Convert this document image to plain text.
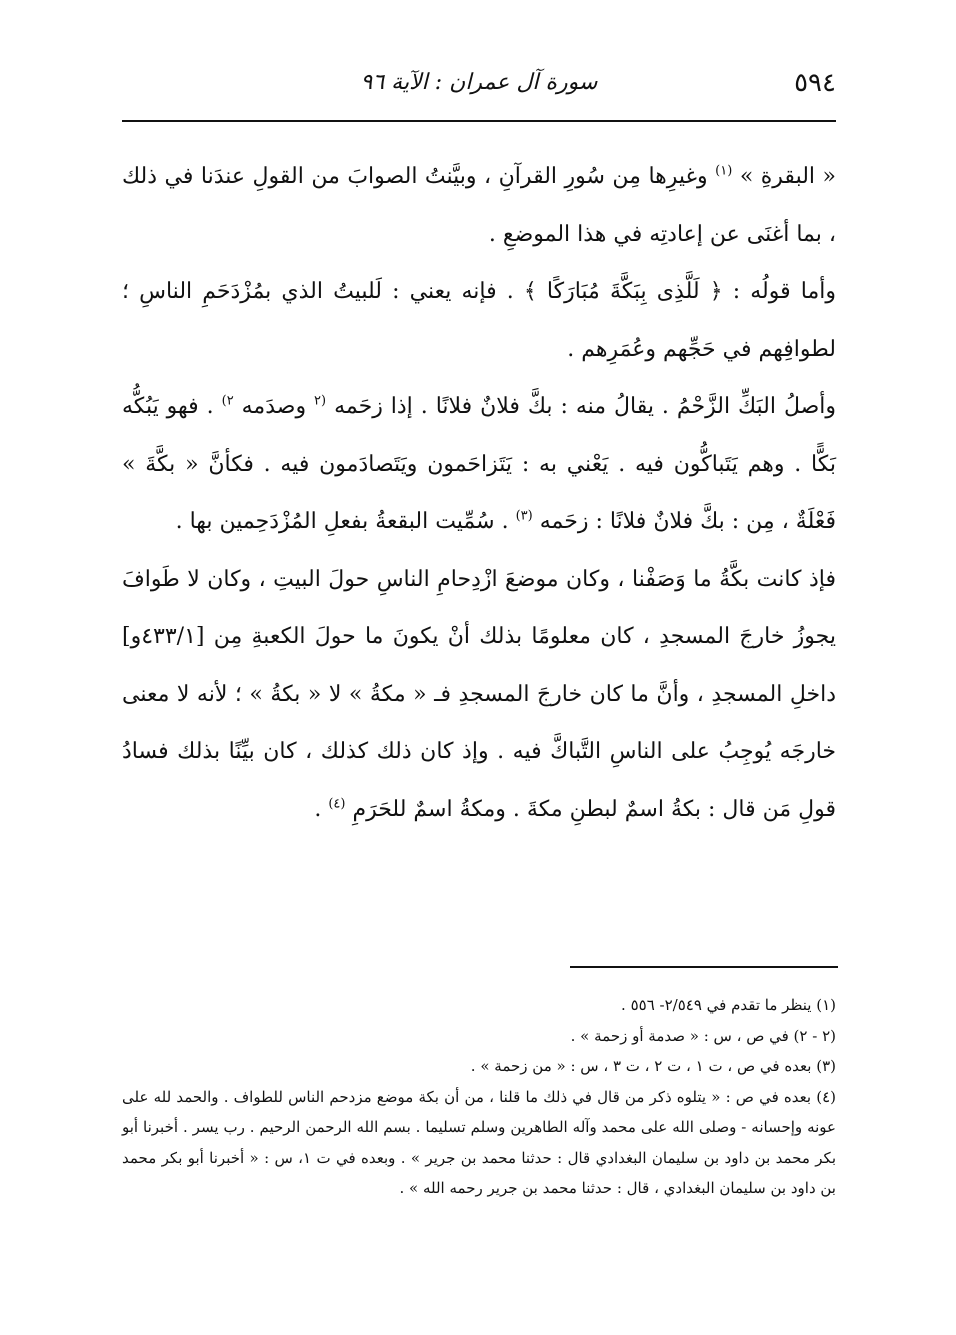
٥٩٤
سورة آل عمران : الآية ٩٦

« البقرةِ » $^{(١)}$ وغيرِها مِن سُورِ القرآنِ ، وبيَّنتُ الصوابَ من القولِ عندَنا في ذلك ، بما أغنَى عن إعادتِه في هذا الموضعِ .

وأما قولُه : ﴿ لَلَّذِى بِبَكَّةَ مُبَارَكًا ﴾ . فإنه يعني : لَلبيتُ الذي بمُزْدَحَمِ الناسِ ؛ لطوافِهم في حَجِّهم وعُمَرِهم .

وأصلُ البَكِّ الزَّحْمُ . يقالُ منه : بكَّ فلانٌ فلانًا . إذا زحَمه $^{(٢}$ وصدَمه $^{٢)}$ . فهو يَبُكُّه بَكًّا . وهم يَتَباكُّون فيه . يَعْني به : يَتَزاحَمون ويَتَصادَمون فيه . فكأنَّ « بكَّةَ » فَعْلَةٌ ، مِن : بكَّ فلانٌ فلانًا : زحَمه $^{(٣)}$ . سُمِّيت البقعةُ بفعلِ المُزْدَحِمين بها .

فإذ كانت بكَّةُ ما وَصَفْنا ، وكان موضعَ ازْدِحامِ الناسِ حولَ البيتِ ، وكان لا طَوافَ يجوزُ خارجَ المسجدِ ، كان معلومًا بذلك أنْ يكونَ ما حولَ الكعبةِ مِن [٤٣٣/١و] داخلِ المسجدِ ، وأنَّ ما كان خارجَ المسجدِ فـ « مكةُ » لا « بكةُ » ؛ لأنه لا معنى خارجَه يُوجِبُ على الناسِ التَّباكَّ فيه . وإذ كان ذلك كذلك ، كان بيِّنًا بذلك فسادُ قولِ مَن قال : بكةُ اسمٌ لبطنِ مكةَ . ومكةُ اسمٌ للحَرَمِ $^{(٤)}$ .

(١) ينظر ما تقدم في ٢/٥٤٩- ٥٥٦ .

(٢ - ٢) في ص ، س : « صدمة أو زحمة » .

(٣) بعده في ص ، ت ١ ، ت ٢ ، ت ٣ ، س : « من زحمة » .

(٤) بعده في ص : « يتلوه ذكر من قال في ذلك ما قلنا ، من أن بكة موضع مزدحم الناس للطواف . والحمد لله على عونه وإحسانه - وصلى الله على محمد وآله الطاهرين وسلم تسليما . بسم الله الرحمن الرحيم . رب يسر . أخبرنا أبو بكر محمد بن داود بن سليمان البغدادي قال : حدثنا محمد بن جرير » . وبعده في ت ١، س : « أخبرنا أبو بكر محمد بن داود بن سليمان البغدادي ، قال : حدثنا محمد بن جرير رحمه الله » .
